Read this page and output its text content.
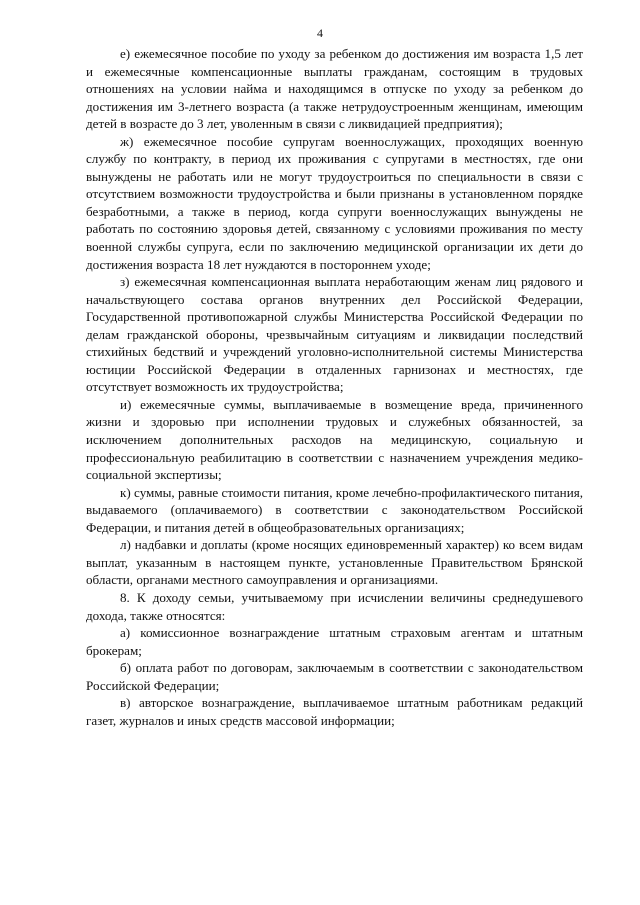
4

е) ежемесячное пособие по уходу за ребенком до достижения им возраста 1,5 лет и ежемесячные компенсационные выплаты гражданам, состоящим в трудовых отношениях на условии найма и находящимся в отпуске по уходу за ребенком до достижения им 3-летнего возраста (а также нетрудоустроенным женщинам, имеющим детей в возрасте до 3 лет, уволенным в связи с ликвидацией предприятия);

ж) ежемесячное пособие супругам военнослужащих, проходящих военную службу по контракту, в период их проживания с супругами в местностях, где они вынуждены не работать или не могут трудоустроиться по специальности в связи с отсутствием возможности трудоустройства и были признаны в установленном порядке безработными, а также в период, когда супруги военнослужащих вынуждены не работать по состоянию здоровья детей, связанному с условиями проживания по месту военной службы супруга, если по заключению медицинской организации их дети до достижения возраста 18 лет нуждаются в постороннем уходе;

з) ежемесячная компенсационная выплата неработающим женам лиц рядового и начальствующего состава органов внутренних дел Российской Федерации, Государственной противопожарной службы Министерства Российской Федерации по делам гражданской обороны, чрезвычайным ситуациям и ликвидации последствий стихийных бедствий и учреждений уголовно-исполнительной системы Министерства юстиции Российской Федерации в отдаленных гарнизонах и местностях, где отсутствует возможность их трудоустройства;

и) ежемесячные суммы, выплачиваемые в возмещение вреда, причиненного жизни и здоровью при исполнении трудовых и служебных обязанностей, за исключением дополнительных расходов на медицинскую, социальную и профессиональную реабилитацию в соответствии с назначением учреждения медико-социальной экспертизы;

к) суммы, равные стоимости питания, кроме лечебно-профилактического питания, выдаваемого (оплачиваемого) в соответствии с законодательством Российской Федерации, и питания детей в общеобразовательных организациях;

л) надбавки и доплаты (кроме носящих единовременный характер) ко всем видам выплат, указанным в настоящем пункте, установленные Правительством Брянской области, органами местного самоуправления и организациями.

8. К доходу семьи, учитываемому при исчислении величины среднедушевого дохода, также относятся:

а) комиссионное вознаграждение штатным страховым агентам и штатным брокерам;

б) оплата работ по договорам, заключаемым в соответствии с законодательством Российской Федерации;

в) авторское вознаграждение, выплачиваемое штатным работникам редакций газет, журналов и иных средств массовой информации;
